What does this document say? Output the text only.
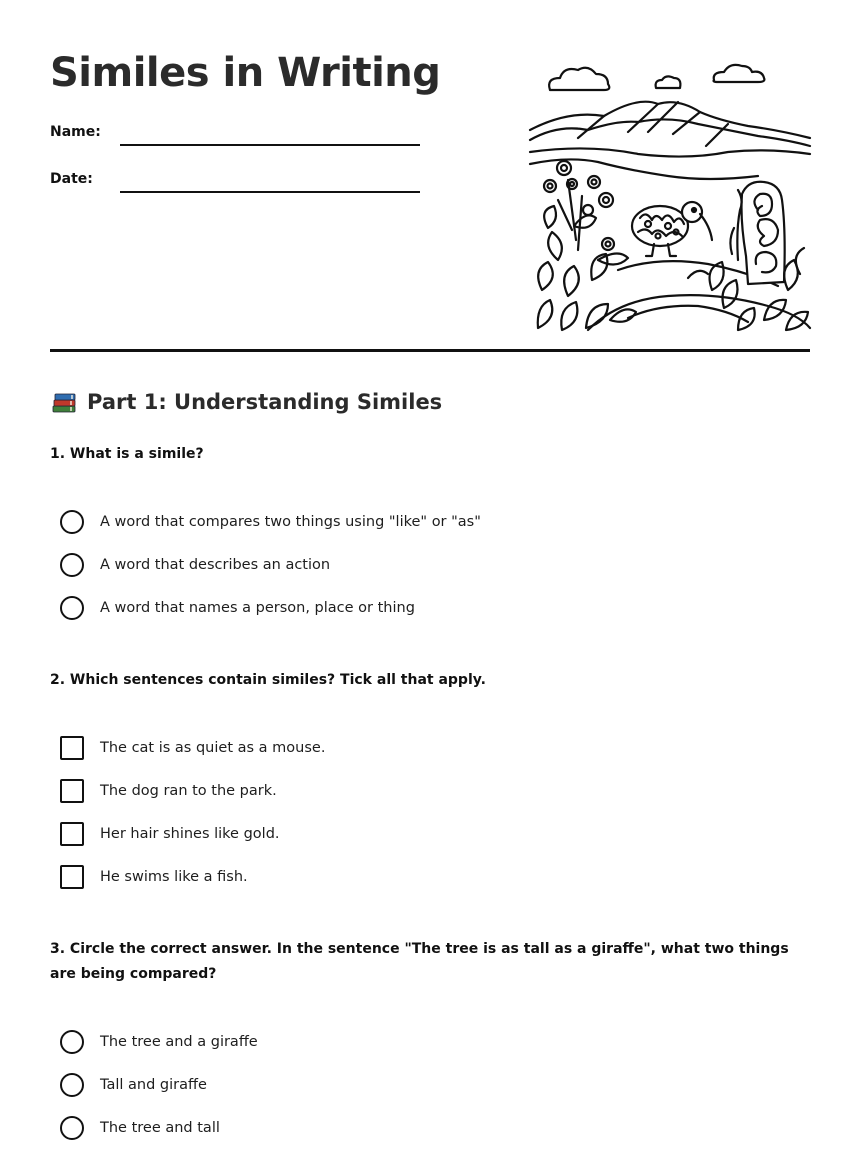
Similes in Writing
Name:
Date:
Part 1: Understanding Similes

1. What is a simile?

A word that compares two things using "like" or "as"
A word that describes an action
A word that names a person, place or thing

2. Which sentences contain similes? Tick all that apply.

The cat is as quiet as a mouse.
The dog ran to the park.
Her hair shines like gold.
He swims like a fish.

3. Circle the correct answer. In the sentence "The tree is as tall as a giraffe", what two things are being compared?

The tree and a giraffe
Tall and giraffe
The tree and tall
